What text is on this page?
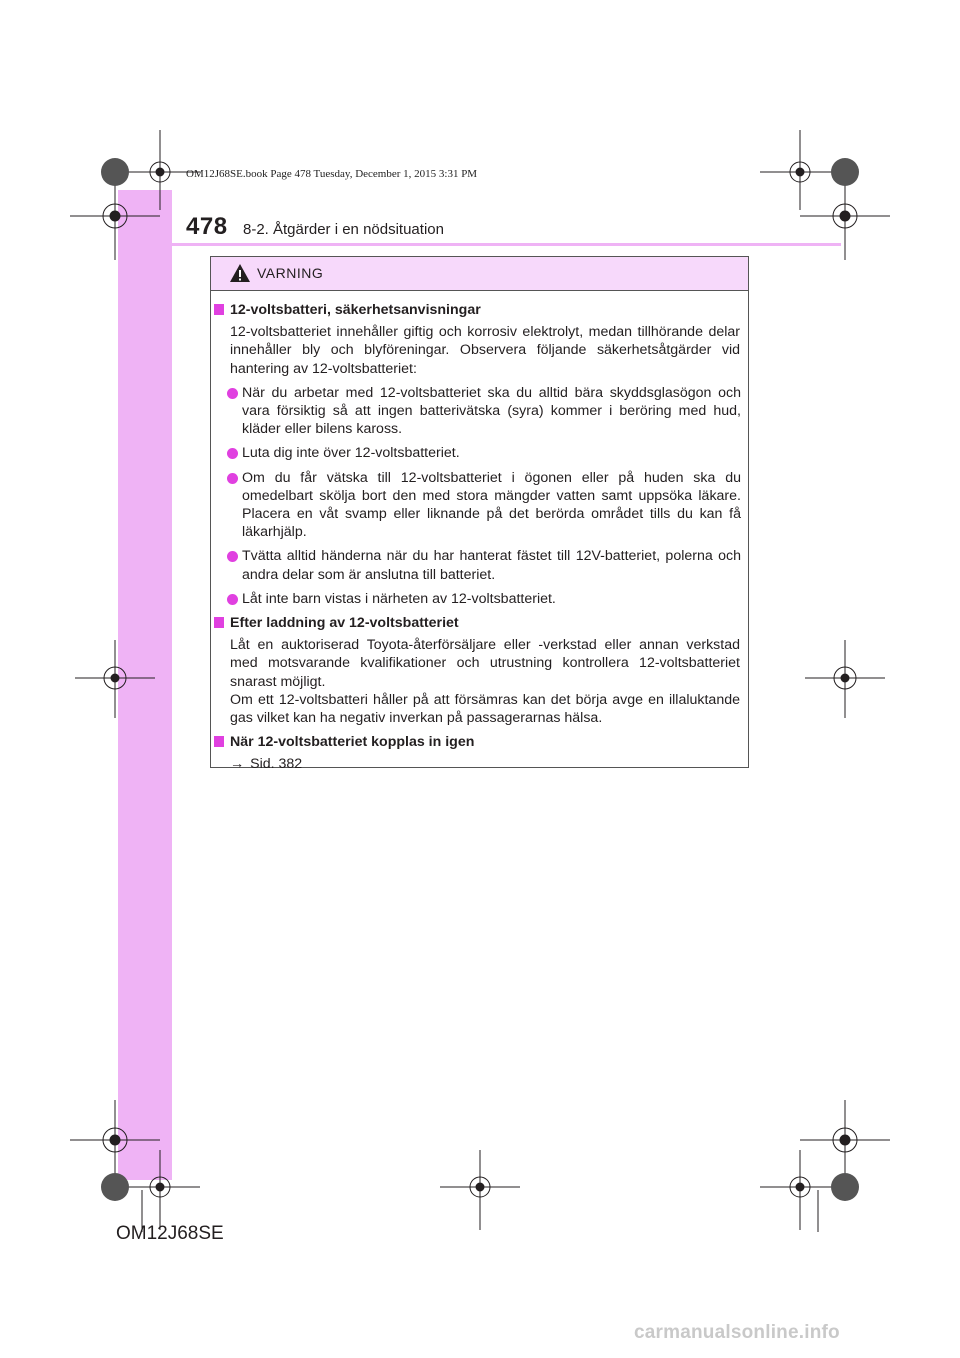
OM12J68SE.book Page 478 Tuesday, December 1, 2015 3:31 PM
478 8-2. Åtgärder i en nödsituation
VARNING
12-voltsbatteri, säkerhetsanvisningar

12-voltsbatteriet innehåller giftig och korrosiv elektrolyt, medan tillhörande delar innehåller bly och blyföreningar. Observera följande säkerhetsåtgärder vid hantering av 12-voltsbatteriet:

När du arbetar med 12-voltsbatteriet ska du alltid bära skyddsglasögon och vara försiktig så att ingen batterivätska (syra) kommer i beröring med hud, kläder eller bilens kaross.
Luta dig inte över 12-voltsbatteriet.
Om du får vätska till 12-voltsbatteriet i ögonen eller på huden ska du omedelbart skölja bort den med stora mängder vatten samt uppsöka läkare. Placera en våt svamp eller liknande på det berörda området tills du kan få läkarhjälp.
Tvätta alltid händerna när du har hanterat fästet till 12V-batteriet, polerna och andra delar som är anslutna till batteriet.
Låt inte barn vistas i närheten av 12-voltsbatteriet.
Efter laddning av 12-voltsbatteriet

Låt en auktoriserad Toyota-återförsäljare eller -verkstad eller annan verkstad med motsvarande kvalifikationer och utrustning kontrollera 12-voltsbatteriet snarast möjligt.

Om ett 12-voltsbatteri håller på att försämras kan det börja avge en illaluktande gas vilket kan ha negativ inverkan på passagerarnas hälsa.

När 12-voltsbatteriet kopplas in igen
→ Sid. 382
OM12J68SE
carmanualsonline.info
